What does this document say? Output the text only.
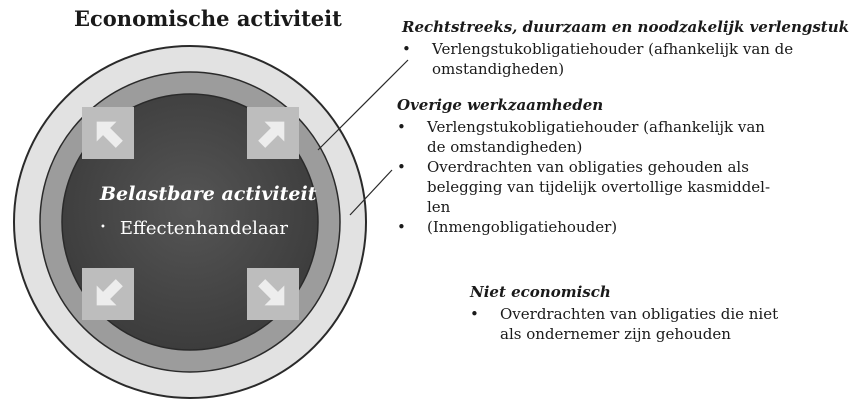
Economische activiteit
Belastbare activiteit
• Effectenhandelaar
Rechtstreeks, duurzaam en noodzakelijk verlengstuk
• Verlengstukobligatiehouder (afhankelijk van de omstandigheden)
Overige werkzaamheden
• Verlengstukobligatiehouder (afhankelijk van de omstandigheden)
• Overdrachten van obligaties gehouden als belegging van tijdelijk overtollige kasmiddel-len
• (Inmengobligatiehouder)
Niet economisch
• Overdrachten van obligaties die niet als ondernemer zijn gehouden
